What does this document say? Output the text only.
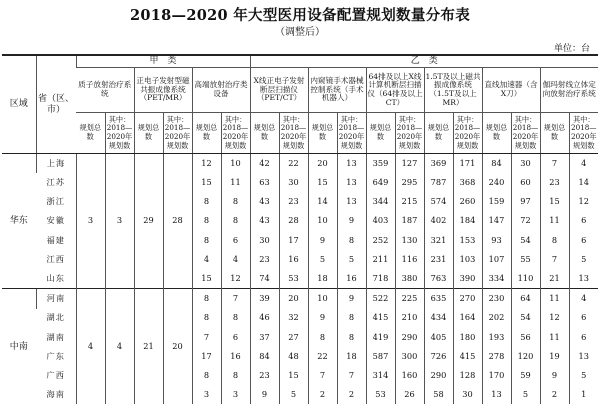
2018—2020 年大型医用设备配置规划数量分布表
（调整后）
单位：台
区域	省（区、市）	甲　类						乙　类											
		质子放射治疗系统		正电子发射型磁共振成像系统（PET/MR）		高端放射治疗类设备		X线正电子发射断层扫描仪（PET/CT）		内窥镜手术器械控制系统（手术机器人）		64排及以上X线计算机断层扫描仪（64排及以上CT）		1.5T及以上磁共振成像系统（1.5T及以上MR）		直线加速器（含X刀）		伽玛射线立体定向放射治疗系统	
		规划总数	其中：2018—2020年规划数	规划总数	其中：2018—2020年规划数	规划总数	其中：2018—2020年规划数	规划总数	其中：2018—2020年规划数	规划总数	其中：2018—2020年规划数	规划总数	其中：2018—2020年规划数	规划总数	其中：2018—2020年规划数	规划总数	其中：2018—2020年规划数	规划总数	其中：2018—2020年规划数
华东	上海	3	3	29	28	12	10	42	22	20	13	359	127	369	171	84	30	7	4
	江苏					15	11	63	30	15	13	649	295	787	368	240	60	23	14
	浙江					8	8	43	23	14	13	344	215	574	260	159	97	15	12
	安徽					8	8	43	28	10	9	403	187	402	184	147	72	11	6
	福建					8	6	30	17	9	8	252	130	321	153	93	54	8	6
	江西					4	4	23	16	5	5	211	116	231	103	107	55	7	5
	山东					15	12	74	53	18	16	718	380	763	390	334	110	21	13
中南	河南	4	4	21	20	8	7	39	20	10	9	522	225	635	270	230	64	11	4
	湖北					8	8	46	32	9	8	415	210	434	164	202	54	12	6
	湖南					7	6	37	27	8	8	419	290	405	180	193	56	11	6
	广东					17	16	84	48	22	18	587	300	726	415	278	120	19	13
	广西					8	8	23	15	7	7	314	160	290	128	170	59	9	5
	海南					3	3	9	5	2	2	53	26	58	30	13	5	2	1
